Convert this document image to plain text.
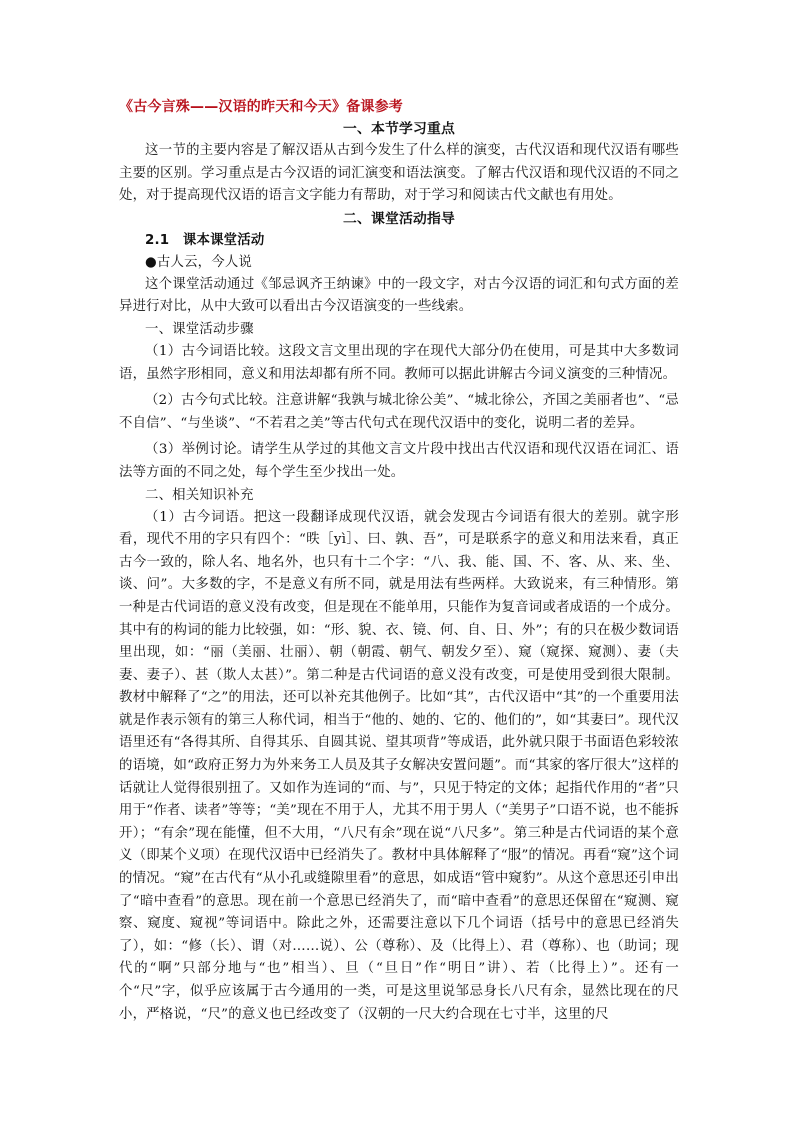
《古今言殊——汉语的昨天和今天》备课参考
一、本节学习重点

这一节的主要内容是了解汉语从古到今发生了什么样的演变，古代汉语和现代汉语有哪些主要的区别。学习重点是古今汉语的词汇演变和语法演变。了解古代汉语和现代汉语的不同之处，对于提高现代汉语的语言文字能力有帮助，对于学习和阅读古代文献也有用处。

二、课堂活动指导
2.1　课本课堂活动
●古人云，今人说

这个课堂活动通过《邹忌讽齐王纳谏》中的一段文字，对古今汉语的词汇和句式方面的差异进行对比，从中大致可以看出古今汉语演变的一些线索。

一、课堂活动步骤

（1）古今词语比较。这段文言文里出现的字在现代大部分仍在使用，可是其中大多数词语，虽然字形相同，意义和用法却都有所不同。教师可以据此讲解古今词义演变的三种情况。

（2）古今句式比较。注意讲解“我孰与城北徐公美”、“城北徐公，齐国之美丽者也”、“忌不自信”、“与坐谈”、“不若君之美”等古代句式在现代汉语中的变化，说明二者的差异。

（3）举例讨论。请学生从学过的其他文言文片段中找出古代汉语和现代汉语在词汇、语法等方面的不同之处，每个学生至少找出一处。

二、相关知识补充

（1）古今词语。把这一段翻译成现代汉语，就会发现古今词语有很大的差别。就字形看，现代不用的字只有四个：“昳［yì］、曰、孰、吾”，可是联系字的意义和用法来看，真正古今一致的，除人名、地名外，也只有十二个字：“八、我、能、国、不、客、从、来、坐、谈、问”。大多数的字，不是意义有所不同，就是用法有些两样。大致说来，有三种情形。第一种是古代词语的意义没有改变，但是现在不能单用，只能作为复音词或者成语的一个成分。其中有的构词的能力比较强，如：“形、貌、衣、镜、何、自、日、外”；有的只在极少数词语里出现，如：“丽（美丽、壮丽）、朝（朝霞、朝气、朝发夕至）、窥（窥探、窥测）、妻（夫妻、妻子）、甚（欺人太甚）”。第二种是古代词语的意义没有改变，可是使用受到很大限制。教材中解释了“之”的用法，还可以补充其他例子。比如“其”，古代汉语中“其”的一个重要用法就是作表示领有的第三人称代词，相当于“他的、她的、它的、他们的”，如“其妻曰”。现代汉语里还有“各得其所、自得其乐、自圆其说、望其项背”等成语，此外就只限于书面语色彩较浓的语境，如“政府正努力为外来务工人员及其子女解决安置问题”。而“其家的客厅很大”这样的话就让人觉得很别扭了。又如作为连词的“而、与”，只见于特定的文体；起指代作用的“者”只用于“作者、读者”等等；“美”现在不用于人，尤其不用于男人（“美男子”口语不说，也不能拆开）；“有余”现在能懂，但不大用，“八尺有余”现在说“八尺多”。第三种是古代词语的某个意义（即某个义项）在现代汉语中已经消失了。教材中具体解释了“服”的情况。再看“窥”这个词的情况。“窥”在古代有“从小孔或缝隙里看”的意思，如成语“管中窥豹”。从这个意思还引申出了“暗中查看”的意思。现在前一个意思已经消失了，而“暗中查看”的意思还保留在“窥测、窥察、窥度、窥视”等词语中。除此之外，还需要注意以下几个词语（括号中的意思已经消失了），如：“修（长）、谓（对……说）、公（尊称）、及（比得上）、君（尊称）、也（助词；现代的“啊”只部分地与“也”相当）、旦（“旦日”作“明日”讲）、若（比得上）”。还有一个“尺”字，似乎应该属于古今通用的一类，可是这里说邹忌身长八尺有余，显然比现在的尺小，严格说，“尺”的意义也已经改变了（汉朝的一尺大约合现在七寸半，这里的尺
